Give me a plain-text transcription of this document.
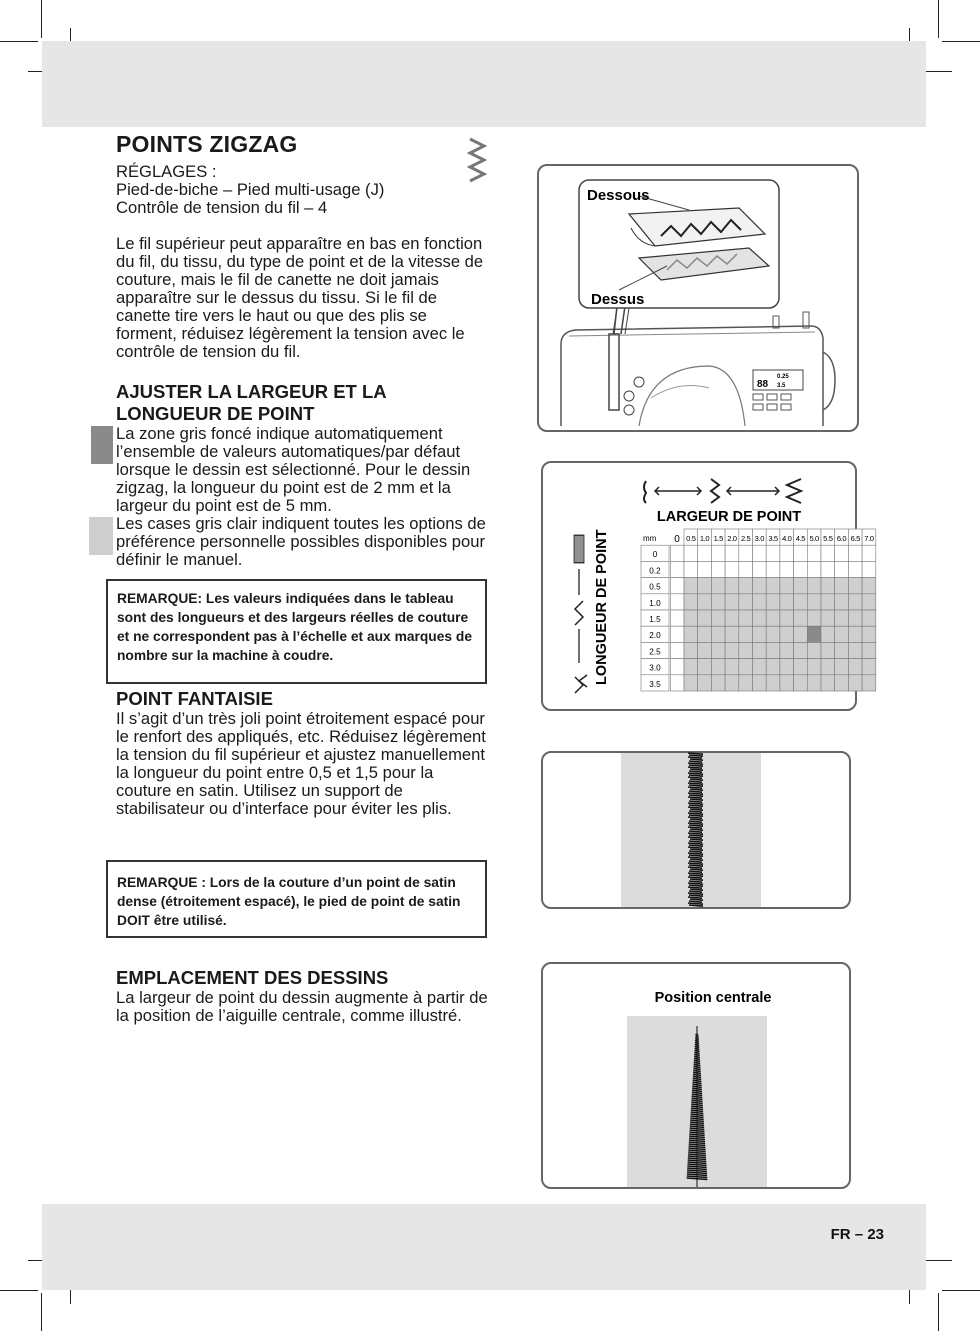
FR – 23
POINTS ZIGZAG

RÉGLAGES :

Pied-de-biche – Pied multi-usage (J)

Contrôle de tension du fil – 4

Le fil supérieur peut apparaître en bas en fonction du fil, du tissu, du type de point et de la vitesse de couture, mais le fil de canette ne doit jamais apparaître sur le dessus du tissu. Si le fil de canette tire vers le haut ou que des plis se forment, réduisez légèrement la tension avec le contrôle de tension du fil.

AJUSTER LA LARGEUR ET LA
LONGUEUR DE POINT

La zone gris foncé indique automatiquement l’ensemble de valeurs automatiques/par défaut lorsque le dessin est sélectionné. Pour le dessin zigzag, la longueur du point est de 2 mm et la largeur du point est de 5 mm.

Les cases gris clair indiquent toutes les options de préférence personnelle possibles disponibles pour définir le manuel.

REMARQUE: Les valeurs indiquées dans le tableau sont des longueurs et des largeurs réelles de couture et ne correspondent pas à l’échelle et aux marques de nombre sur la machine à coudre.
POINT FANTAISIE

Il s’agit d’un très joli point étroitement espacé pour le renfort des appliqués, etc. Réduisez légèrement la tension du fil supérieur et ajustez manuellement la longueur du point entre 0,5 et 1,5 pour la couture en satin. Utilisez un support de stabilisateur ou d’interface pour éviter les plis.

REMARQUE : Lors de la couture d’un point de satin dense (étroitement espacé), le pied de point de satin DOIT être utilisé.
EMPLACEMENT DES DESSINS

La largeur de point du dessin augmente à partir de la position de l’aiguille centrale, comme illustré.

0.25
3.5
88
Dessous
Dessus
LARGEUR DE POINT
LONGUEUR DE POINT	mm 0 0.5 1.0 1.5 2.0 2.5 3.0 3.5 4.0 4.5 5.0 5.5 6.0 6.5 7.0
0
0.2
0.5
1.0
1.5
2.0
2.5
3.0
3.5
Position centrale
